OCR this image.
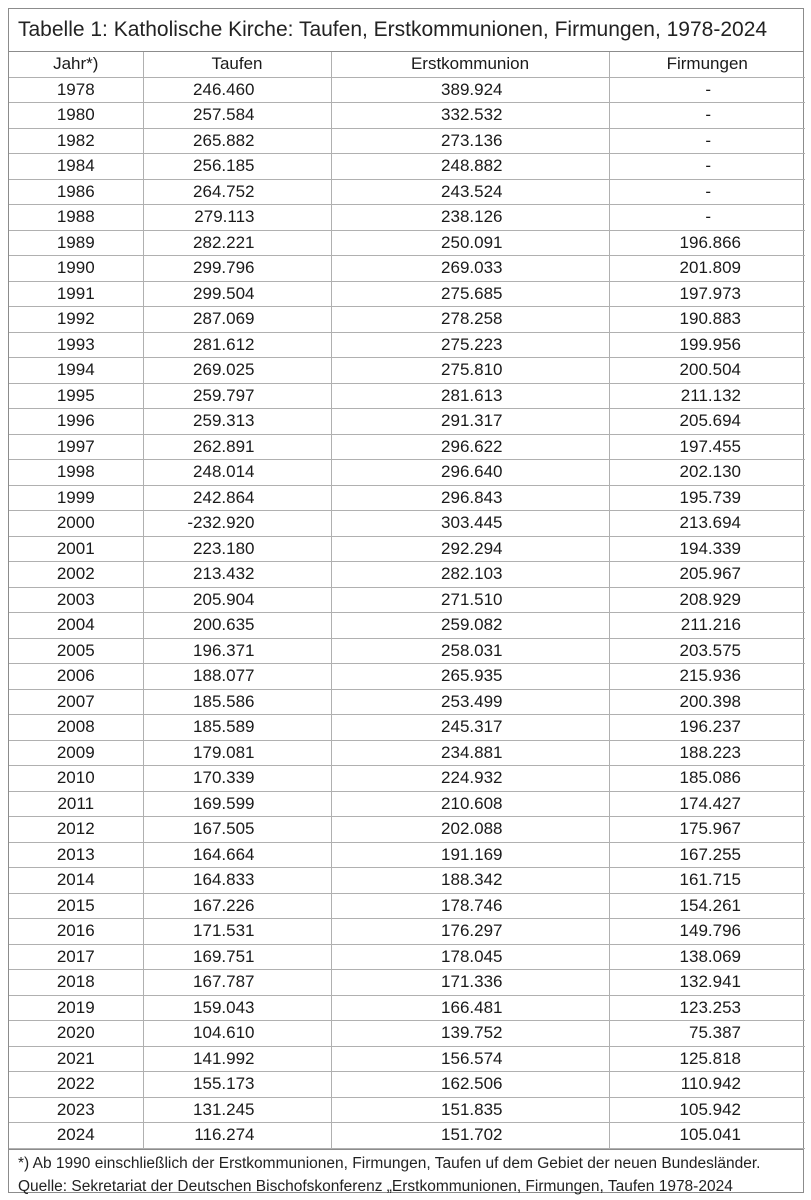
Tabelle 1: Katholische Kirche: Taufen, Erstkommunionen, Firmungen, 1978-2024
Jahr*)	Taufen	Erstkommunion	Firmungen
1978	246.460	389.924	-
1980	257.584	332.532	-
1982	265.882	273.136	-
1984	256.185	248.882	-
1986	264.752	243.524	-
1988	279.113	238.126	-
1989	282.221	250.091	196.866
1990	299.796	269.033	201.809
1991	299.504	275.685	197.973
1992	287.069	278.258	190.883
1993	281.612	275.223	199.956
1994	269.025	275.810	200.504
1995	259.797	281.613	211.132
1996	259.313	291.317	205.694
1997	262.891	296.622	197.455
1998	248.014	296.640	202.130
1999	242.864	296.843	195.739
2000	-232.920	303.445	213.694
2001	223.180	292.294	194.339
2002	213.432	282.103	205.967
2003	205.904	271.510	208.929
2004	200.635	259.082	211.216
2005	196.371	258.031	203.575
2006	188.077	265.935	215.936
2007	185.586	253.499	200.398
2008	185.589	245.317	196.237
2009	179.081	234.881	188.223
2010	170.339	224.932	185.086
2011	169.599	210.608	174.427
2012	167.505	202.088	175.967
2013	164.664	191.169	167.255
2014	164.833	188.342	161.715
2015	167.226	178.746	154.261
2016	171.531	176.297	149.796
2017	169.751	178.045	138.069
2018	167.787	171.336	132.941
2019	159.043	166.481	123.253
2020	104.610	139.752	75.387
2021	141.992	156.574	125.818
2022	155.173	162.506	110.942
2023	131.245	151.835	105.942
2024	116.274	151.702	105.041
*) Ab 1990 einschließlich der Erstkommunionen, Firmungen, Taufen uf dem Gebiet der neuen Bundesländer.
Quelle: Sekretariat der Deutschen Bischofskonferenz „Erstkommunionen, Firmungen, Taufen 1978-2024
